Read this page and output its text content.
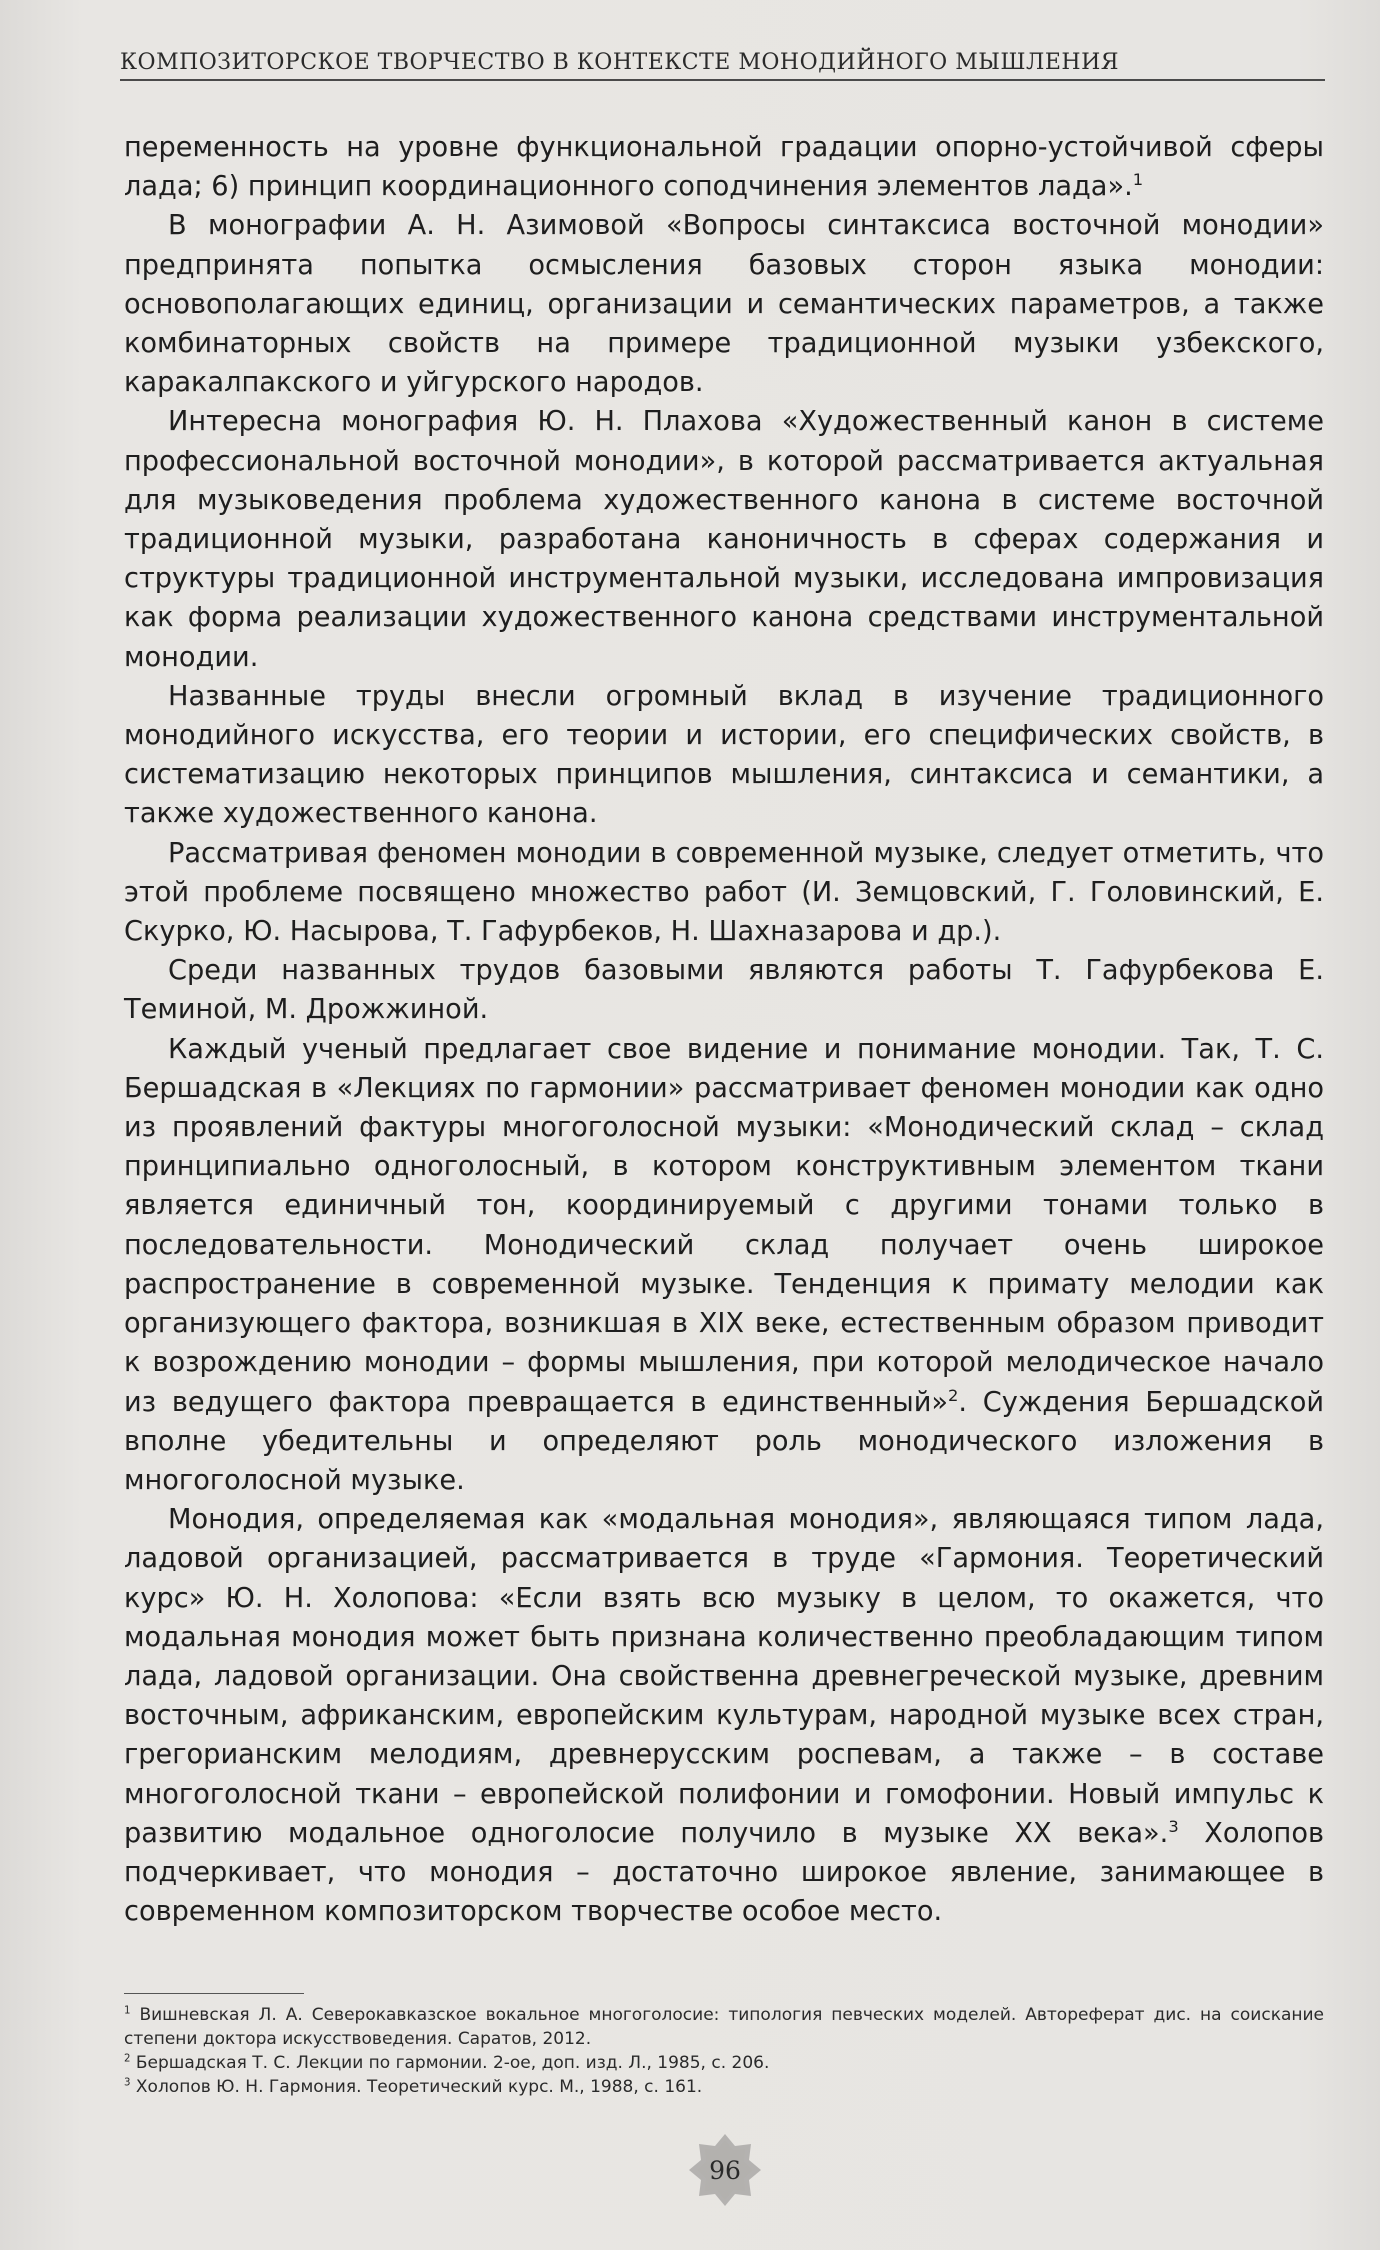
КОМПОЗИТОРСКОЕ ТВОРЧЕСТВО В КОНТЕКСТЕ МОНОДИЙНОГО МЫШЛЕНИЯ

переменность на уровне функциональной градации опорно-устойчивой сферы лада; 6) принцип координационного соподчинения элементов лада».$^1$

В монографии А. Н. Азимовой «Вопросы синтаксиса восточной монодии» предпринята попытка осмысления базовых сторон языка монодии: основополагающих единиц, организации и семантических параметров, а также комбинаторных свойств на примере традиционной музыки узбекского, каракалпакского и уйгурского народов.

Интересна монография Ю. Н. Плахова «Художественный канон в системе профессиональной восточной монодии», в которой рассматривается актуальная для музыковедения проблема художественного канона в системе восточной традиционной музыки, разработана каноничность в сферах содержания и структуры традиционной инструментальной музыки, исследована импровизация как форма реализации художественного канона средствами инструментальной монодии.

Названные труды внесли огромный вклад в изучение традиционного монодийного искусства, его теории и истории, его специфических свойств, в систематизацию некоторых принципов мышления, синтаксиса и семантики, а также художественного канона.

Рассматривая феномен монодии в современной музыке, следует отметить, что этой проблеме посвящено множество работ (И. Земцовский, Г. Головинский, Е. Скурко, Ю. Насырова, Т. Гафурбеков, Н. Шахназарова и др.).

Среди названных трудов базовыми являются работы Т. Гафурбекова Е. Теминой, М. Дрожжиной.

Каждый ученый предлагает свое видение и понимание монодии. Так, Т. С. Бершадская в «Лекциях по гармонии» рассматривает феномен монодии как одно из проявлений фактуры многоголосной музыки: «Монодический склад – склад принципиально одноголосный, в котором конструктивным элементом ткани является единичный тон, координируемый с другими тонами только в последовательности. Монодический склад получает очень широкое распространение в современной музыке. Тенденция к примату мелодии как организующего фактора, возникшая в XIX веке, естественным образом приводит к возрождению монодии – формы мышления, при которой мелодическое начало из ведущего фактора превращается в единственный»$^2$. Суждения Бершадской вполне убедительны и определяют роль монодического изложения в многоголосной музыке.

Монодия, определяемая как «модальная монодия», являющаяся типом лада, ладовой организацией, рассматривается в труде «Гармония. Теоретический курс» Ю. Н. Холопова: «Если взять всю музыку в целом, то окажется, что модальная монодия может быть признана количественно преобладающим типом лада, ладовой организации. Она свойственна древнегреческой музыке, древним восточным, африканским, европейским культурам, народной музыке всех стран, грегорианским мелодиям, древнерусским роспевам, а также – в составе многоголосной ткани – европейской полифонии и гомофонии. Новый импульс к развитию модальное одноголосие получило в музыке XX века».$^3$ Холопов подчеркивает, что монодия – достаточно широкое явление, занимающее в современном композиторском творчестве особое место.

$^1$ Вишневская Л. А. Северокавказское вокальное многоголосие: типология певческих моделей. Автореферат дис. на соискание степени доктора искусствоведения. Саратов, 2012.

$^2$ Бершадская Т. С. Лекции по гармонии. 2-ое, доп. изд. Л., 1985, с. 206.

$^3$ Холопов Ю. Н. Гармония. Теоретический курс. М., 1988, с. 161.

96
